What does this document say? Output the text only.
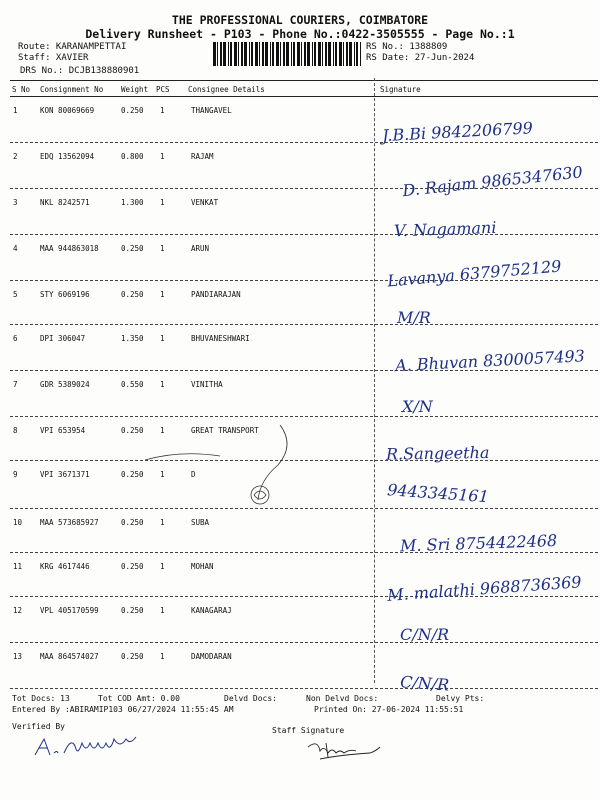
THE PROFESSIONAL COURIERS, COIMBATORE
Delivery Runsheet - P103 - Phone No.:0422-3505555 - Page No.:1
Route: KARANAMPETTAI
Staff: XAVIER
DRS No.: DCJB138880901
RS No.: 1388809
RS Date: 27-Jun-2024
S No Consignment No Weight PCS Consignee Details	Signature
1	KON 80069669	0.250 1	THANGAVEL
2	EDQ 13562094	0.800 1	RAJAM
3	NKL 8242571	1.300 1	VENKAT
4	MAA 944863018	0.250 1	ARUN
5	STY 6069196	0.250 1	PANDIARAJAN
6	DPI 306047	1.350 1	BHUVANESHWARI
7	GDR 5389024	0.550 1	VINITHA
8	VPI 653954	0.250 1	GREAT TRANSPORT
9	VPI 3671371	0.250 1	D
10 MAA 573685927	0.250 1	SUBA
11 KRG 4617446	0.250 1	MOHAN
12 VPL 405170599	0.250 1	KANAGARAJ
13 MAA 864574027	0.250 1	DAMODARAN
Tot Docs: 13	Tot COD Amt: 0.00	Delvd Docs:	Non Delvd Docs:	Delvy Pts:
Entered By :ABIRAMIP103 06/27/2024 11:55:45 AM	Printed On: 27-06-2024 11:55:51
Verified By	Staff Signature
J.B.Bi 9842206799
D. Rajam 9865347630
V. Nagamani
Lavanya 6379752129
M/R
A. Bhuvan 8300057493
X/N
R.Sangeetha
9443345161
M. Sri 8754422468
M. malathi 9688736369
C/N/R
C/N/R
